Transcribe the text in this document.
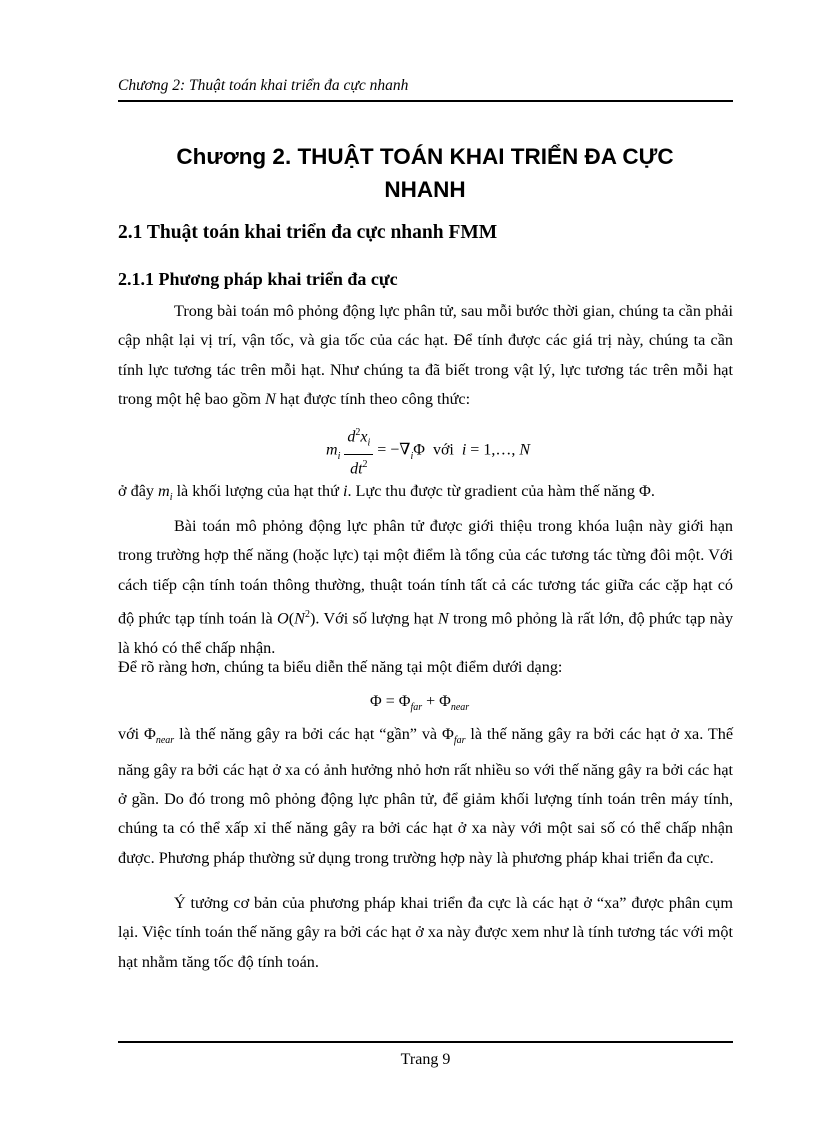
Chương 2: Thuật toán khai triển đa cực nhanh
Chương 2. THUẬT TOÁN KHAI TRIỂN ĐA CỰC
NHANH
2.1 Thuật toán khai triển đa cực nhanh FMM
2.1.1 Phương pháp khai triển đa cực

Trong bài toán mô phỏng động lực phân tử, sau mỗi bước thời gian, chúng ta cần phải cập nhật lại vị trí, vận tốc, và gia tốc của các hạt. Để tính được các giá trị này, chúng ta cần tính lực tương tác trên mỗi hạt. Như chúng ta đã biết trong vật lý, lực tương tác trên mỗi hạt trong một hệ bao gồm N hạt được tính theo công thức:

$m_i \frac{d^2x_i}{dt^2} = -\nabla_i\Phi$ với i = 1,…, N

ở đây $m_i$ là khối lượng của hạt thứ i. Lực thu được từ gradient của hàm thế năng Φ.

Bài toán mô phỏng động lực phân tử được giới thiệu trong khóa luận này giới hạn trong trường hợp thế năng (hoặc lực) tại một điểm là tổng của các tương tác từng đôi một. Với cách tiếp cận tính toán thông thường, thuật toán tính tất cả các tương tác giữa các cặp hạt có độ phức tạp tính toán là $O(N^2)$. Với số lượng hạt N trong mô phỏng là rất lớn, độ phức tạp này là khó có thể chấp nhận.

Để rõ ràng hơn, chúng ta biểu diễn thế năng tại một điểm dưới dạng:

$\Phi = \Phi_{far} + \Phi_{near}$

với $\Phi_{near}$ là thế năng gây ra bởi các hạt “gần” và $\Phi_{far}$ là thế năng gây ra bởi các hạt ở xa. Thế năng gây ra bởi các hạt ở xa có ảnh hưởng nhỏ hơn rất nhiều so với thế năng gây ra bởi các hạt ở gần. Do đó trong mô phỏng động lực phân tử, để giảm khối lượng tính toán trên máy tính, chúng ta có thể xấp xỉ thế năng gây ra bởi các hạt ở xa này với một sai số có thể chấp nhận được. Phương pháp thường sử dụng trong trường hợp này là phương pháp khai triển đa cực.

Ý tưởng cơ bản của phương pháp khai triển đa cực là các hạt ở “xa” được phân cụm lại. Việc tính toán thế năng gây ra bởi các hạt ở xa này được xem như là tính tương tác với một hạt nhằm tăng tốc độ tính toán.

Trang 9
